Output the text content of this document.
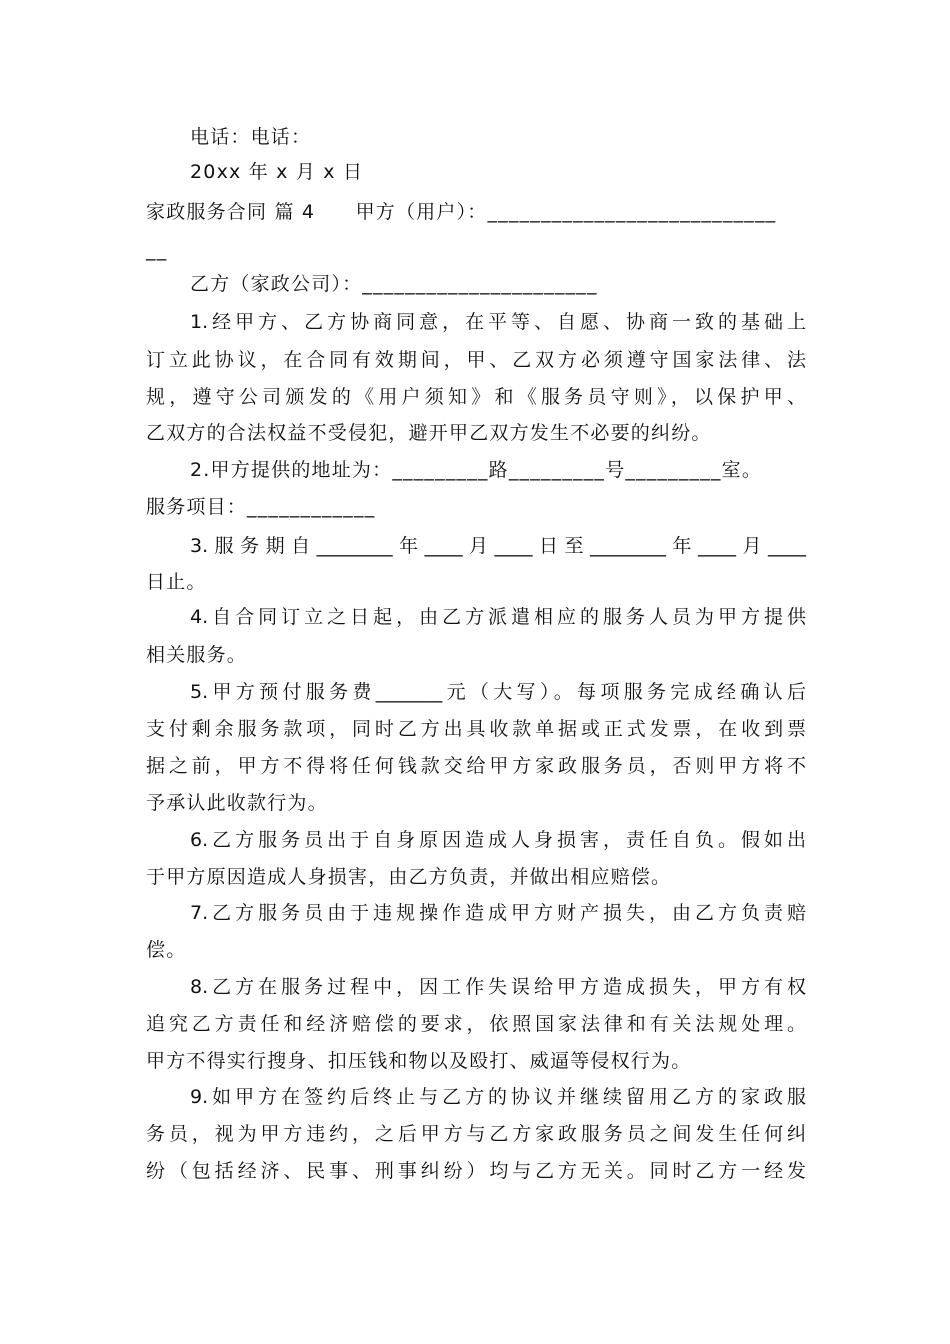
电话：电话：
20xx 年 x 月 x 日
家政服务合同 篇 4　　甲方（用户）：___________________________
__
乙方（家政公司）：______________________
1.经甲方、乙方协商同意，在平等、自愿、协商一致的基础上
订立此协议，在合同有效期间，甲、乙双方必须遵守国家法律、法
规，遵守公司颁发的《用户须知》和《服务员守则》，以保护甲、
乙双方的合法权益不受侵犯，避开甲乙双方发生不必要的纠纷。
2.甲方提供的地址为：_________路_________号_________室。
服务项目：____________
3.服务期自________年____月____日至________年____月____
日止。
4.自合同订立之日起，由乙方派遣相应的服务人员为甲方提供
相关服务。
5.甲方预付服务费_______元（大写）。每项服务完成经确认后
支付剩余服务款项，同时乙方出具收款单据或正式发票，在收到票
据之前，甲方不得将任何钱款交给甲方家政服务员，否则甲方将不
予承认此收款行为。
6.乙方服务员出于自身原因造成人身损害，责任自负。假如出
于甲方原因造成人身损害，由乙方负责，并做出相应赔偿。
7.乙方服务员由于违规操作造成甲方财产损失，由乙方负责赔
偿。
8.乙方在服务过程中，因工作失误给甲方造成损失，甲方有权
追究乙方责任和经济赔偿的要求，依照国家法律和有关法规处理。
甲方不得实行搜身、扣压钱和物以及殴打、威逼等侵权行为。
9.如甲方在签约后终止与乙方的协议并继续留用乙方的家政服
务员，视为甲方违约，之后甲方与乙方家政服务员之间发生任何纠
纷（包括经济、民事、刑事纠纷）均与乙方无关。同时乙方一经发
